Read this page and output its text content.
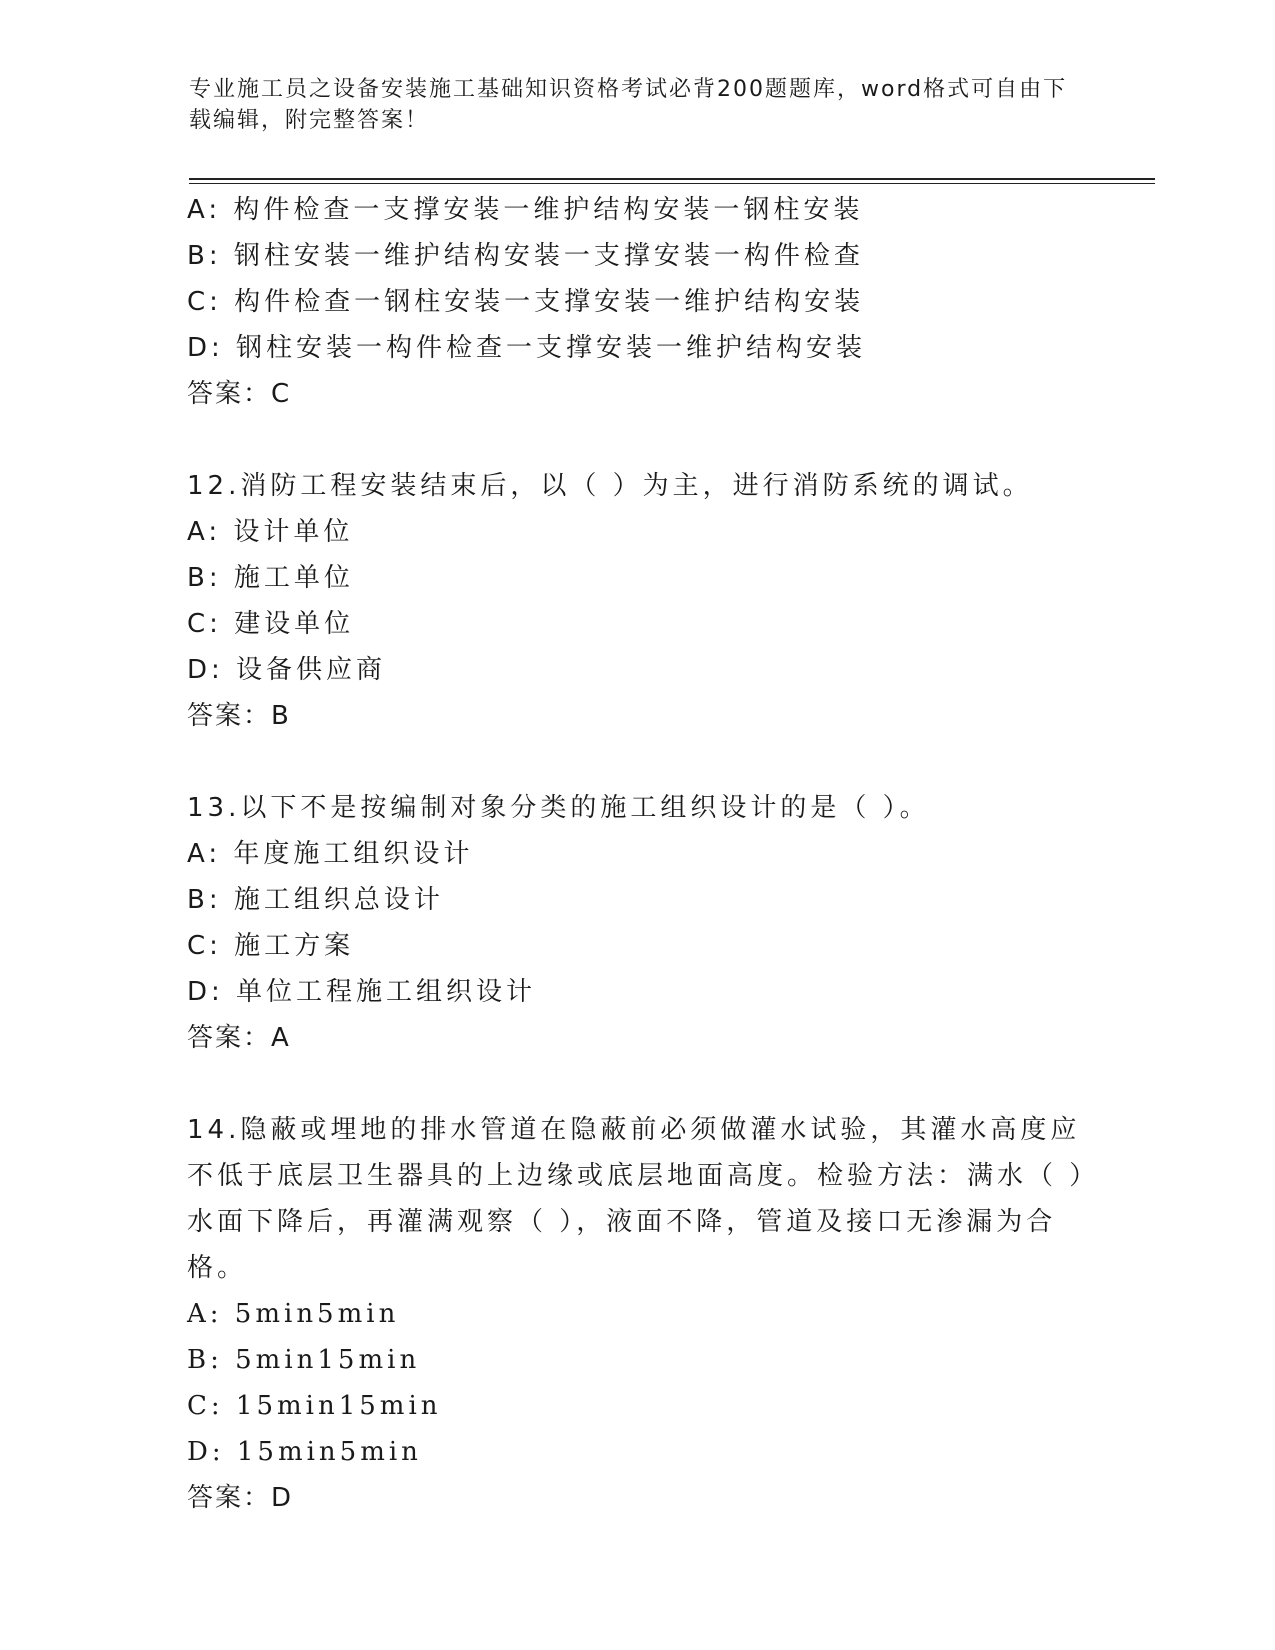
专业施工员之设备安装施工基础知识资格考试必背200题题库，word格式可自由下载编辑，附完整答案！
A: 构件检查一支撑安装一维护结构安装一钢柱安装
B: 钢柱安装一维护结构安装一支撑安装一构件检查
C: 构件检查一钢柱安装一支撑安装一维护结构安装
D: 钢柱安装一构件检查一支撑安装一维护结构安装
答案：C
12.消防工程安装结束后，以（ ）为主，进行消防系统的调试。
A: 设计单位
B: 施工单位
C: 建设单位
D: 设备供应商
答案：B
13.以下不是按编制对象分类的施工组织设计的是（ ）。
A: 年度施工组织设计
B: 施工组织总设计
C: 施工方案
D: 单位工程施工组织设计
答案：A
14.隐蔽或埋地的排水管道在隐蔽前必须做灌水试验，其灌水高度应不低于底层卫生器具的上边缘或底层地面高度。检验方法：满水（ ）水面下降后，再灌满观察（ ），液面不降，管道及接口无渗漏为合格。
A: 5min5min
B: 5min15min
C: 15min15min
D: 15min5min
答案：D
